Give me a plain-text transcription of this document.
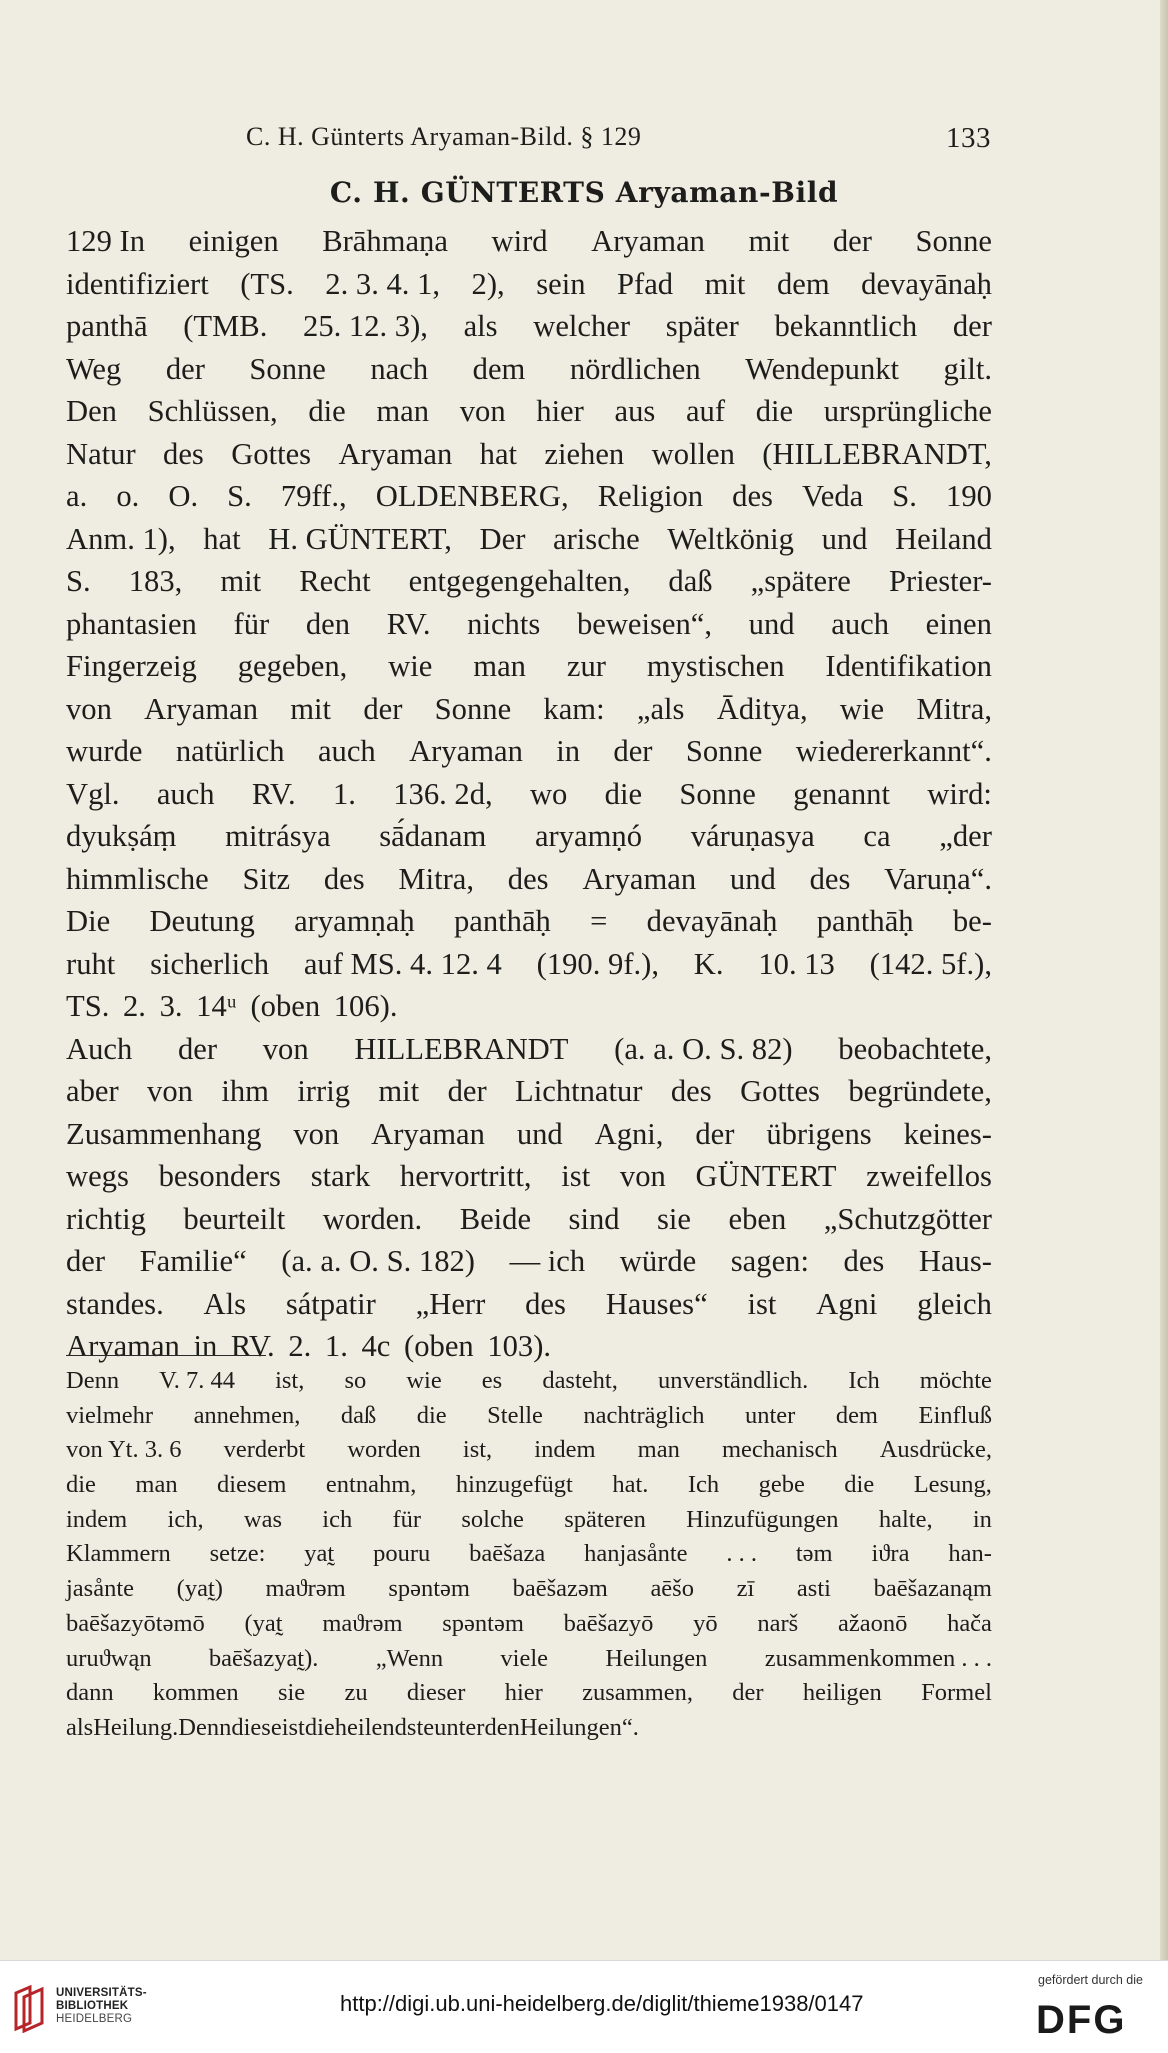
C. H. Günterts Aryaman-Bild. § 129	133
C. H. GÜNTERTS Aryaman-Bild
129 In einigen Brāhmaṇa wird Aryaman mit der Sonne
identifiziert (TS. 2. 3. 4. 1, 2), sein Pfad mit dem devayānaḥ
panthā (TMB. 25. 12. 3), als welcher später bekanntlich der
Weg der Sonne nach dem nördlichen Wendepunkt gilt.
Den Schlüssen, die man von hier aus auf die ursprüngliche
Natur des Gottes Aryaman hat ziehen wollen (HILLEBRANDT,
a. o. O. S. 79ff., OLDENBERG, Religion des Veda S. 190
Anm. 1), hat H. GÜNTERT, Der arische Weltkönig und Heiland
S. 183, mit Recht entgegengehalten, daß „spätere Priester-
phantasien für den RV. nichts beweisen“, und auch einen
Fingerzeig gegeben, wie man zur mystischen Identifikation
von Aryaman mit der Sonne kam: „als Āditya, wie Mitra,
wurde natürlich auch Aryaman in der Sonne wiedererkannt“.
Vgl. auch RV. 1. 136. 2d, wo die Sonne genannt wird:
dyukṣáṃ mitrásya sā́danam aryamṇó váruṇasya ca „der
himmlische Sitz des Mitra, des Aryaman und des Varuṇa“.
Die Deutung aryamṇaḥ panthāḥ = devayānaḥ panthāḥ be-
ruht sicherlich auf MS. 4. 12. 4 (190. 9f.), K. 10. 13 (142. 5f.),
TS. 2. 3. 14ᵘ (oben 106).
Auch der von HILLEBRANDT (a. a. O. S. 82) beobachtete,
aber von ihm irrig mit der Lichtnatur des Gottes begründete,
Zusammenhang von Aryaman und Agni, der übrigens keines-
wegs besonders stark hervortritt, ist von GÜNTERT zweifellos
richtig beurteilt worden. Beide sind sie eben „Schutzgötter
der Familie“ (a. a. O. S. 182) — ich würde sagen: des Haus-
standes. Als sátpatir „Herr des Hauses“ ist Agni gleich
Aryaman in RV. 2. 1. 4c (oben 103).
Denn V. 7. 44 ist, so wie es dasteht, unverständlich. Ich möchte
vielmehr annehmen, daß die Stelle nachträglich unter dem Einfluß
von Yt. 3. 6 verderbt worden ist, indem man mechanisch Ausdrücke,
die man diesem entnahm, hinzugefügt hat. Ich gebe die Lesung,
indem ich, was ich für solche späteren Hinzufügungen halte, in
Klammern setze: yat̰ pouru baēšaza hanjasånte . . . təm iϑra han-
jasånte (yat̰) maϑrəm spəntəm baēšazəm aēšo zī asti baēšazanąm
baēšazyōtəmō (yat̰ maϑrəm spəntəm baēšazyō yō narš ažaonō hača
uruϑwąn baēšazyat̰). „Wenn viele Heilungen zusammenkommen . . .
dann kommen sie zu dieser hier zusammen, der heiligen Formel
als Heilung. Denn diese ist die heilendste unter den Heilungen“.
UNIVERSITÄTS-
BIBLIOTHEK
HEIDELBERG
http://digi.ub.uni-heidelberg.de/diglit/thieme1938/0147
gefördert durch die
DFG
